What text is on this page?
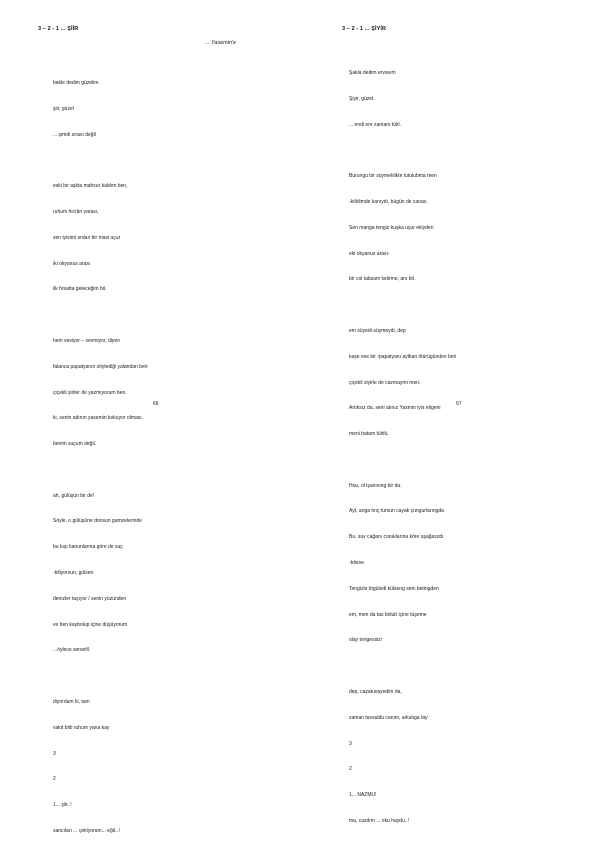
3 – 2 - 1 ... ŞİİR
... Yasemin'e

bekle dedim güzelim

şiir, güzel

... şimdi sırası değil

eski bir aşkta mahsur kaldım ben,

ruhum hicrân yarası,

sen iyisimi ordan bir mavi uçur

iki okyanus arası

ilk fırsatta geleceğim bil.

hem seviyor – sevmiyor, diyen

falanca papatyanın söylediği yalandan beri

çiçekli şiirler de yazmıyorum ben.

ki, senin adının yasemin kokuyor olması,

benim suçum değil.

ah, gülüşün bir de!

Söyle, o gülüşüne donsun gamzelerinde

bu kışı kanunlarına göre de suç

-biliyorsun, gülsen

denizler taşıyor / senin yüzünden

ve ben kaybolup içine düşüyorum

...öylece sersefil.

diyordum ki, tam

vakit bitti ruhum yana kay

3

2

1... şiir..!

sancıları ... çekiyorum... eğil...!

66
3 – 2 - 1 ... ŞİYİR

Şakla dedim ervavım

Şiyir, güzel.

... endi ere zamanı tükl.

Burungu bir süymeklikte tutulubma men

-köklimde kanıydı, bügün de carası.

Sen manga tengiz kuşka uçur ekiyden

eki okyanus arası-

bir col tabsam kelirme, anı bil.

em süyedi-süymeydi, dep

kaşe ese bir ¹papatyanı aytkan ötürügünden beri

çiçekli siyirle de cazmaymı men.

Artıksız da, seni atınız Yasmin iyis etigeni

meni hatam tüldü.

Hou, ol işanıvıng bir da.

Ayt, anga tınç tursun cayak çungurlarıngda

Bu, suv cağanı coruklarına köre uşağaszdı

-bilese.

Tengizle tögüledi külseng seni betingden

em, men da tas bolub içine tüşeme

olay tengessiz!

dep, cazatuvayedim da,

zaman tavsuldu canım, arkalıga tay

3

2

1... NAZMU!

ma, cazdım ... oku haydu..!

67
